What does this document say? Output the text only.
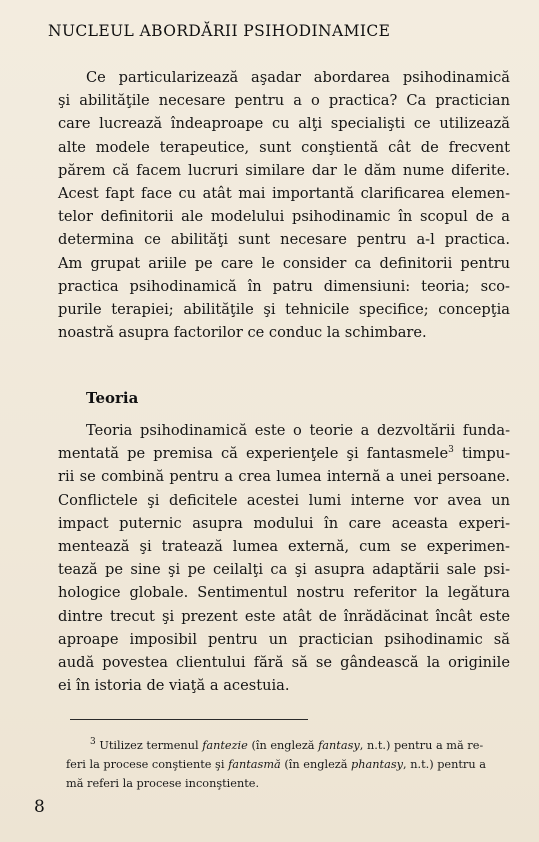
NUCLEUL ABORDĂRII PSIHODINAMICE
Ce particularizează aşadar abordarea psihodinamică
şi abilităţile necesare pentru a o practica? Ca practician
care lucrează îndeaproape cu alţi specialişti ce utilizează
alte modele terapeutice, sunt conştientă cât de frecvent
părem că facem lucruri similare dar le dăm nume diferite.
Acest fapt face cu atât mai importantă clarificarea elemen-
telor definitorii ale modelului psihodinamic în scopul de a
determina ce abilităţi sunt necesare pentru a-l practica.
Am grupat ariile pe care le consider ca definitorii pentru
practica psihodinamică în patru dimensiuni: teoria; sco-
purile terapiei; abilităţile şi tehnicile specifice; concepţia
noastră asupra factorilor ce conduc la schimbare.
Teoria
Teoria psihodinamică este o teorie a dezvoltării funda-
mentată pe premisa că experienţele şi fantasmele$^3$ timpu-
rii se combină pentru a crea lumea internă a unei persoane.
Conflictele şi deficitele acestei lumi interne vor avea un
impact puternic asupra modului în care aceasta experi-
mentează şi tratează lumea externă, cum se experimen-
tează pe sine şi pe ceilalţi ca şi asupra adaptării sale psi-
hologice globale. Sentimentul nostru referitor la legătura
dintre trecut şi prezent este atât de înrădăcinat încât este
aproape imposibil pentru un practician psihodinamic să
audă povestea clientului fără să se gândească la originile
ei în istoria de viaţă a acestuia.
$^3$ Utilizez termenul fantezie (în engleză fantasy, n.t.) pentru a mă re-
feri la procese conştiente şi fantasmă (în engleză phantasy, n.t.) pentru a
mă referi la procese inconştiente.
8
